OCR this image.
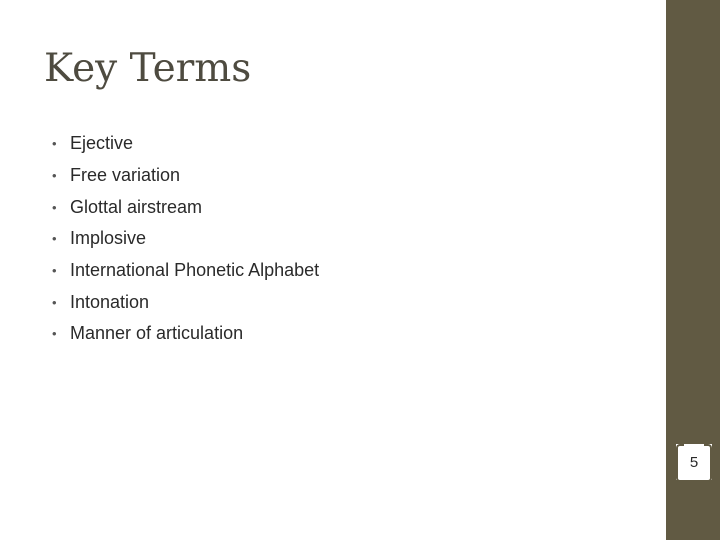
Key Terms
• Ejective
• Free variation
• Glottal airstream
• Implosive
• International Phonetic Alphabet
• Intonation
• Manner of articulation
5
